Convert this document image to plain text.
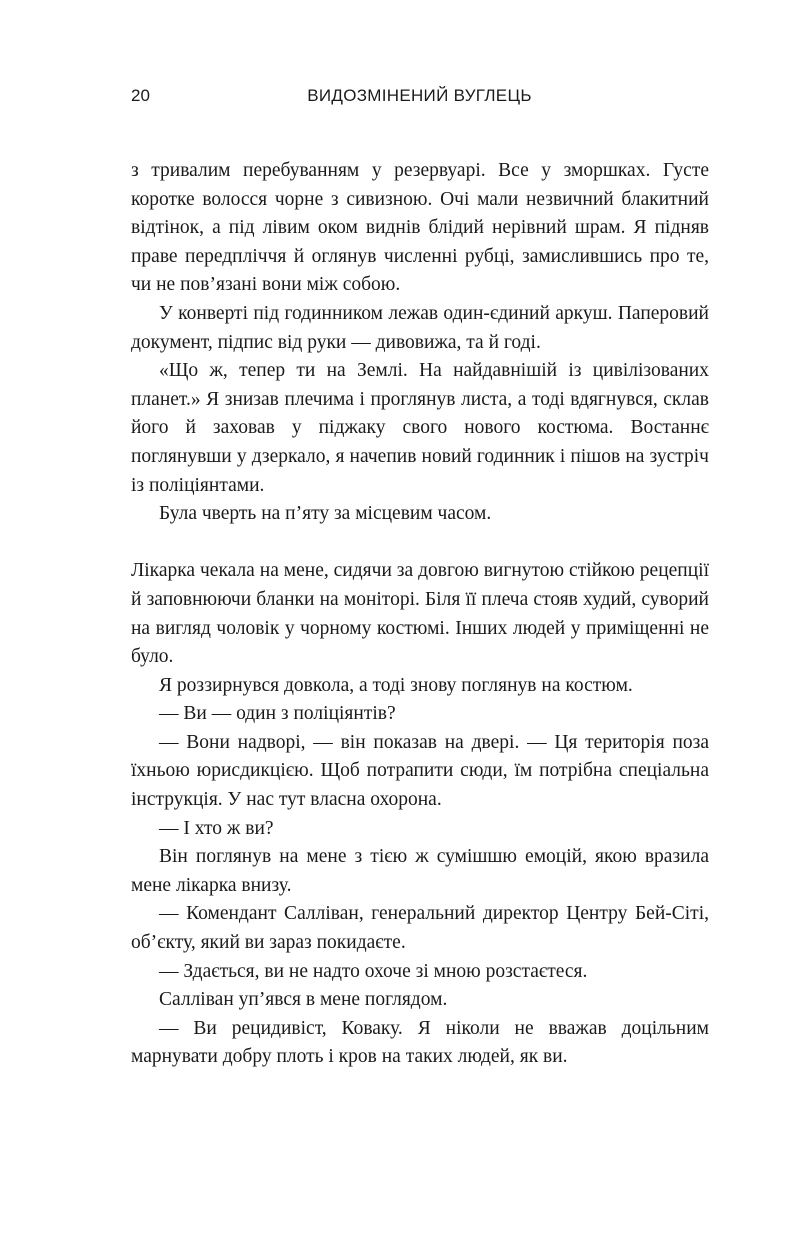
20	ВИДОЗМІНЕНИЙ ВУГЛЕЦЬ

з тривалим перебуванням у резервуарі. Все у зморшках. Густе коротке волосся чорне з сивизною. Очі мали незвичний блакитний відтінок, а під лівим оком виднів блідий нерівний шрам. Я підняв праве передпліччя й оглянув численні рубці, замислившись про те, чи не пов’язані вони між собою.

У конверті під годинником лежав один-єдиний аркуш. Паперовий документ, підпис від руки — дивовижа, та й годі.

«Що ж, тепер ти на Землі. На найдавнішій із цивілізованих планет.» Я знизав плечима і проглянув листа, а тоді вдягнувся, склав його й заховав у піджаку свого нового костюма. Востаннє поглянувши у дзеркало, я начепив новий годинник і пішов на зустріч із поліціянтами.

Була чверть на п’яту за місцевим часом.

Лікарка чекала на мене, сидячи за довгою вигнутою стійкою рецепції й заповнюючи бланки на моніторі. Біля її плеча стояв худий, суворий на вигляд чоловік у чорному костюмі. Інших людей у приміщенні не було.

Я роззирнувся довкола, а тоді знову поглянув на костюм.

— Ви — один з поліціянтів?

— Вони надворі, — він показав на двері. — Ця територія поза їхньою юрисдикцією. Щоб потрапити сюди, їм потрібна спеціальна інструкція. У нас тут власна охорона.

— І хто ж ви?

Він поглянув на мене з тією ж сумішшю емоцій, якою вразила мене лікарка внизу.

— Комендант Салліван, генеральний директор Центру Бей-Сіті, об’єкту, який ви зараз покидаєте.

— Здається, ви не надто охоче зі мною розстаєтеся.

Салліван уп’явся в мене поглядом.

— Ви рецидивіст, Коваку. Я ніколи не вважав доцільним марнувати добру плоть і кров на таких людей, як ви.
